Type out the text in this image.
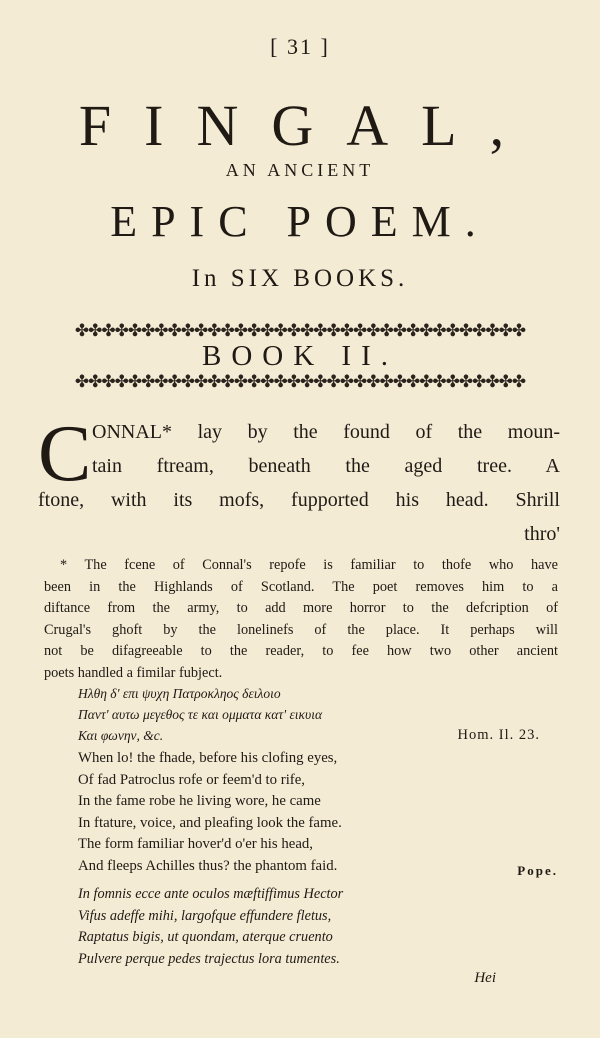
[ 31 ]
FINGAL,
AN ANCIENT
EPIC POEM.
In SIX BOOKS.
✤✤✤✤✤✤✤✤✤✤✤✤✤✤✤✤✤✤✤✤✤✤✤✤✤✤✤✤✤✤✤✤✤✤
BOOK II.
✤✤✤✤✤✤✤✤✤✤✤✤✤✤✤✤✤✤✤✤✤✤✤✤✤✤✤✤✤✤✤✤✤✤
C ONNAL* lay by the found of the moun-
tain ftream, beneath the aged tree. A
ftone, with its mofs, fupported his head. Shrill
thro'
* The fcene of Connal's repofe is familiar to thofe who have
been in the Highlands of Scotland. The poet removes him to a
diftance from the army, to add more horror to the defcription of
Crugal's ghoft by the lonelinefs of the place. It perhaps will
not be difagreeable to the reader, to fee how two other ancient
poets handled a fimilar fubject.
Ηλθη δ' επι ψυχη Πατροκληος δειλοιο
Παντ' αυτω μεγεθος τε και ομματα κατ' εικυια
Και φωνην, &c.	Hom. Il. 23.
When lo! the fhade, before his clofing eyes,
Of fad Patroclus rofe or feem'd to rife,
In the fame robe he living wore, he came
In ftature, voice, and pleafing look the fame.
The form familiar hover'd o'er his head,
And fleeps Achilles thus? the phantom faid.	Pope.
In fomnis ecce ante oculos mæftiffimus Hector
Vifus adeffe mihi, largofque effundere fletus,
Raptatus bigis, ut quondam, aterque cruento
Pulvere perque pedes trajectus lora tumentes.
Hei
